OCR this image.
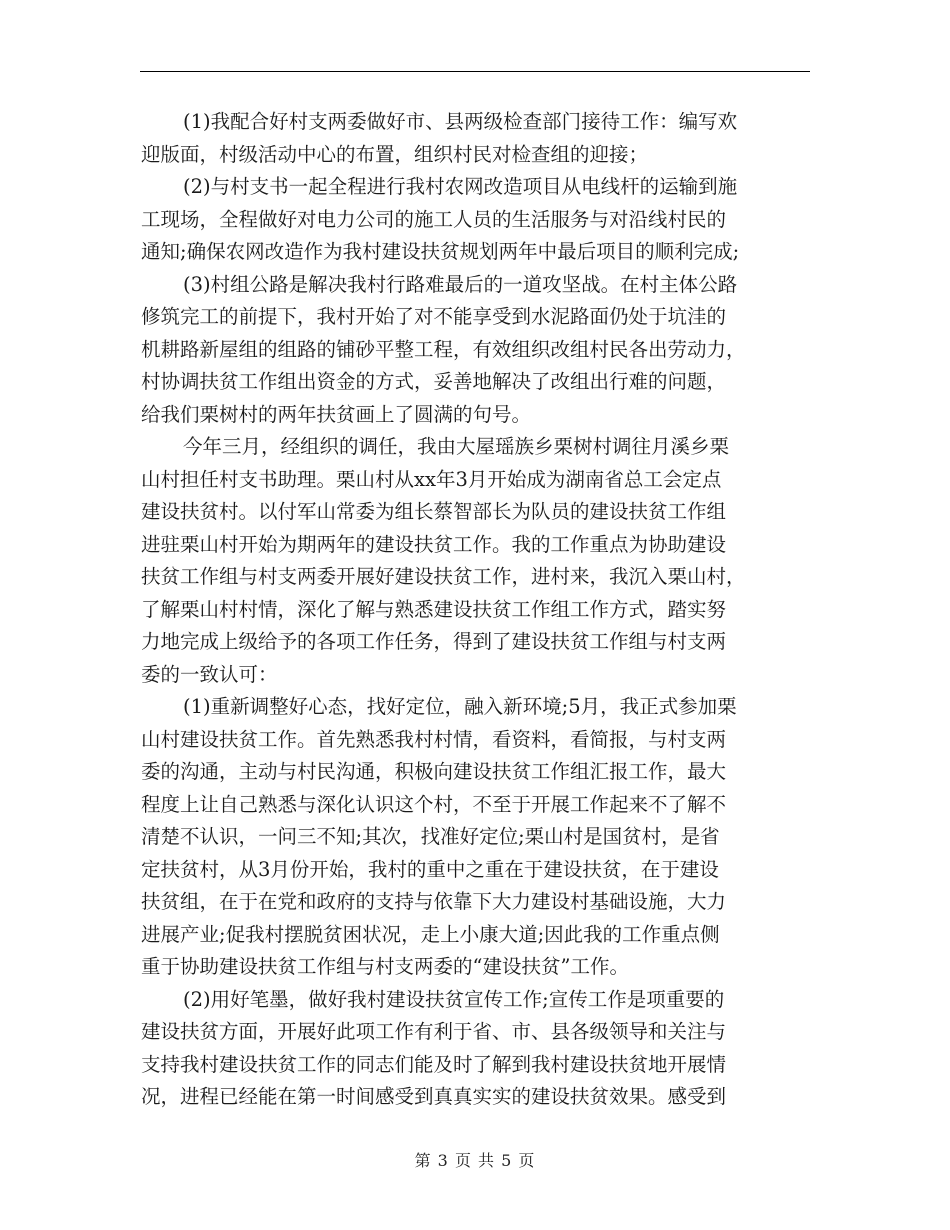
(1)我配合好村支两委做好市、县两级检查部门接待工作：编写欢
迎版面，村级活动中心的布置，组织村民对检查组的迎接；
(2)与村支书一起全程进行我村农网改造项目从电线杆的运输到施
工现场，全程做好对电力公司的施工人员的生活服务与对沿线村民的
通知;确保农网改造作为我村建设扶贫规划两年中最后项目的顺利完成;
(3)村组公路是解决我村行路难最后的一道攻坚战。在村主体公路
修筑完工的前提下，我村开始了对不能享受到水泥路面仍处于坑洼的
机耕路新屋组的组路的铺砂平整工程，有效组织改组村民各出劳动力，
村协调扶贫工作组出资金的方式，妥善地解决了改组出行难的问题，
给我们栗树村的两年扶贫画上了圆满的句号。
今年三月，经组织的调任，我由大屋瑶族乡栗树村调往月溪乡栗
山村担任村支书助理。栗山村从xx年3月开始成为湖南省总工会定点
建设扶贫村。以付军山常委为组长蔡智部长为队员的建设扶贫工作组
进驻栗山村开始为期两年的建设扶贫工作。我的工作重点为协助建设
扶贫工作组与村支两委开展好建设扶贫工作，进村来，我沉入栗山村，
了解栗山村村情，深化了解与熟悉建设扶贫工作组工作方式，踏实努
力地完成上级给予的各项工作任务，得到了建设扶贫工作组与村支两
委的一致认可：
(1)重新调整好心态，找好定位，融入新环境;5月，我正式参加栗
山村建设扶贫工作。首先熟悉我村村情，看资料，看简报，与村支两
委的沟通，主动与村民沟通，积极向建设扶贫工作组汇报工作，最大
程度上让自己熟悉与深化认识这个村，不至于开展工作起来不了解不
清楚不认识，一问三不知;其次，找准好定位;栗山村是国贫村，是省
定扶贫村，从3月份开始，我村的重中之重在于建设扶贫，在于建设
扶贫组，在于在党和政府的支持与依靠下大力建设村基础设施，大力
进展产业;促我村摆脱贫困状况，走上小康大道;因此我的工作重点侧
重于协助建设扶贫工作组与村支两委的“建设扶贫”工作。
(2)用好笔墨，做好我村建设扶贫宣传工作;宣传工作是项重要的
建设扶贫方面，开展好此项工作有利于省、市、县各级领导和关注与
支持我村建设扶贫工作的同志们能及时了解到我村建设扶贫地开展情
况，进程已经能在第一时间感受到真真实实的建设扶贫效果。感受到
第 3 页 共 5 页
